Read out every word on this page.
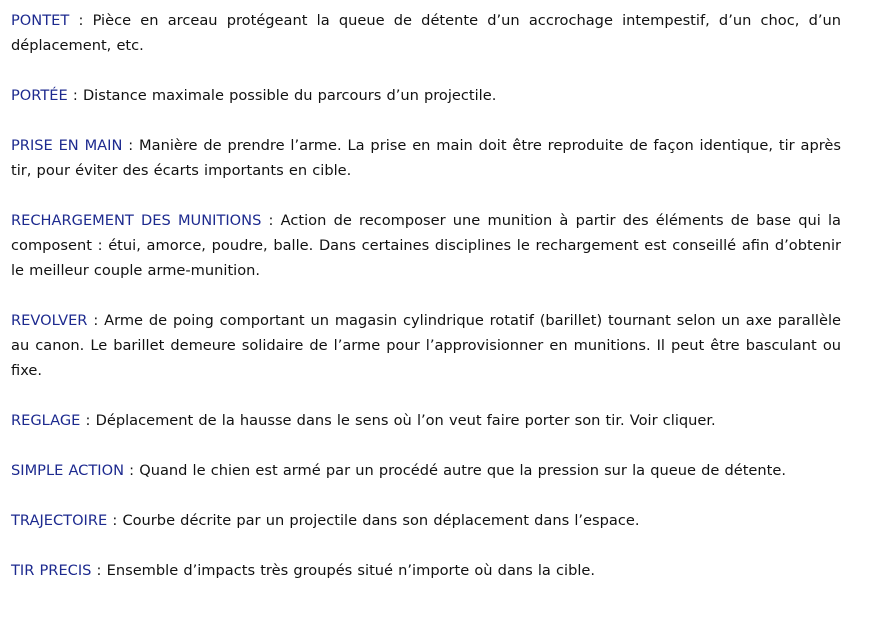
PONTET : Pièce en arceau protégeant la queue de détente d’un accrochage intempestif, d’un choc, d’un déplacement, etc.

PORTÉE : Distance maximale possible du parcours d’un projectile.

PRISE EN MAIN : Manière de prendre l’arme. La prise en main doit être reproduite de façon identique, tir après tir, pour éviter des écarts importants en cible.

RECHARGEMENT DES MUNITIONS : Action de recomposer une munition à partir des éléments de base qui la composent : étui, amorce, poudre, balle. Dans certaines disciplines le rechargement est conseillé afin d’obtenir le meilleur couple arme-munition.

REVOLVER : Arme de poing comportant un magasin cylindrique rotatif (barillet) tournant selon un axe parallèle au canon. Le barillet demeure solidaire de l’arme pour l’approvisionner en munitions. Il peut être basculant ou fixe.

REGLAGE : Déplacement de la hausse dans le sens où l’on veut faire porter son tir. Voir cliquer.

SIMPLE ACTION : Quand le chien est armé par un procédé autre que la pression sur la queue de détente.

TRAJECTOIRE : Courbe décrite par un projectile dans son déplacement dans l’espace.

TIR PRECIS : Ensemble d’impacts très groupés situé n’importe où dans la cible.
